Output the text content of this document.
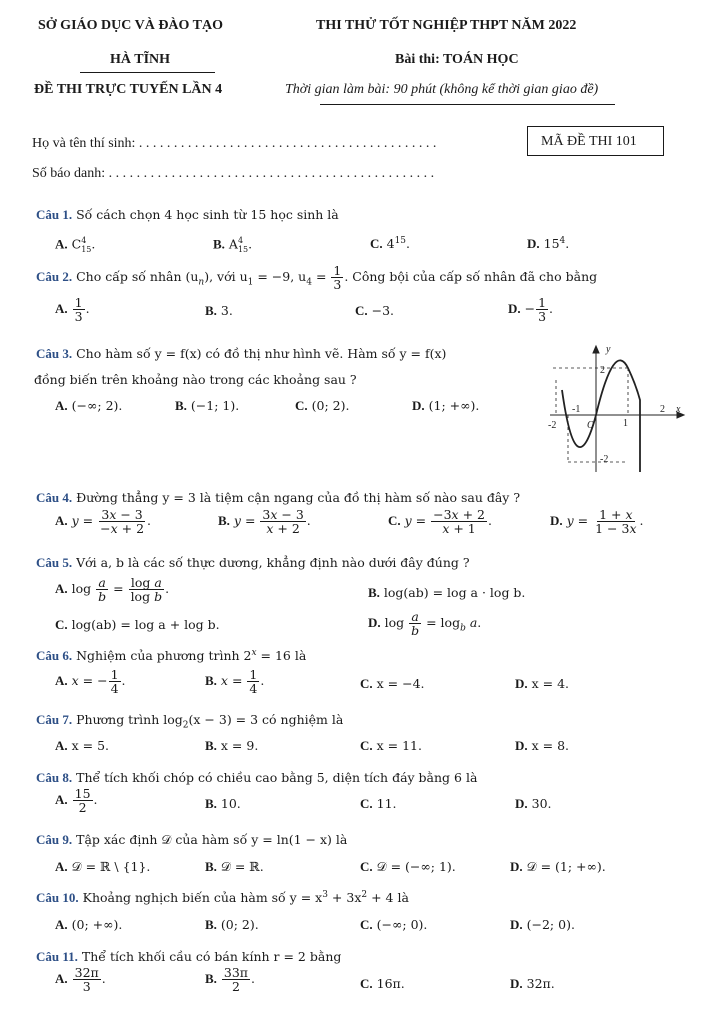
SỞ GIÁO DỤC VÀ ĐÀO TẠO	THI THỬ TỐT NGHIỆP THPT NĂM 2022
HÀ TĨNH	Bài thi: TOÁN HỌC
ĐỀ THI TRỰC TUYẾN LẦN 4	Thời gian làm bài: 90 phút (không kể thời gian giao đề)
Họ và tên thí sinh: . . . . . . . . . . . . . . . . . . . . . . . . . . . . . . . . . . . . . . . . . . .	MÃ ĐỀ THI 101
Số báo danh: . . . . . . . . . . . . . . . . . . . . . . . . . . . . . . . . . . . . . . . . . . . . . . .
Câu 1. Số cách chọn 4 học sinh từ 15 học sinh là
A. C 4
15 .	B. A 4
15 .	C. $4^{15}$.	D. $15^4$.
Câu 2. Cho cấp số nhân $(u_n)$, với $u_1 = -9$, $u_4 = \frac{1}{3}$ . Công bội của cấp số nhân đã cho bằng
A. $\frac{1}{3}$ .	B. 3.	C. −3.	D. − $\frac{1}{3}$ .
Câu 3. Cho hàm số y = f(x) có đồ thị như hình vẽ. Hàm số y = f(x)
đồng biến trên khoảng nào trong các khoảng sau ?
A. (−∞; 2).	B. (−1; 1).	C. (0; 2).	D. (1; +∞).
y
x
O
2
-2
-1
1
-2
2
Câu 4. Đường thẳng y = 3 là tiệm cận ngang của đồ thị hàm số nào sau đây ?
A. $y = \frac{3x - 3}{-x + 2}$ .	B. $y = \frac{3x - 3}{x + 2}$ .	C. $y = \frac{-3x + 2}{x + 1}$ .	D. $y = \frac{1 + x}{1 - 3x}$ .
Câu 5. Với a, b là các số thực dương, khẳng định nào dưới đây đúng ?
A. $\log \frac{a}{b} = \frac{\text{log a}}{\text{log b}}$ .	B. log(ab) = log a · log b.
C. log(ab) = log a + log b.	D. $\log \frac{a}{b} = \log_b a$.
Câu 6. Nghiệm của phương trình $2^x = 16$ là
A. x = − $\frac{1}{4}$ .	B. $x = \frac{1}{4}$ .	C. x = −4.	D. x = 4.
Câu 7. Phương trình $\log_2(x - 3) = 3$ có nghiệm là
A. x = 5.	B. x = 9.	C. x = 11.	D. x = 8.
Câu 8. Thể tích khối chóp có chiều cao bằng 5, diện tích đáy bằng 6 là
A. $\frac{15}{2}$ .	B. 10.	C. 11.	D. 30.
Câu 9. Tập xác định 𝒟 của hàm số y = ln(1 − x) là
A. 𝒟 = ℝ \ {1}.	B. 𝒟 = ℝ.	C. 𝒟 = (−∞; 1).	D. 𝒟 = (1; +∞).
Câu 10. Khoảng nghịch biến của hàm số $y = x^3 + 3x^2 + 4$ là
A. (0; +∞).	B. (0; 2).	C. (−∞; 0).	D. (−2; 0).
Câu 11. Thể tích khối cầu có bán kính r = 2 bằng
A. $\frac{32\pi}{3}$ .	B. $\frac{33\pi}{2}$ .	C. 16π.	D. 32π.
